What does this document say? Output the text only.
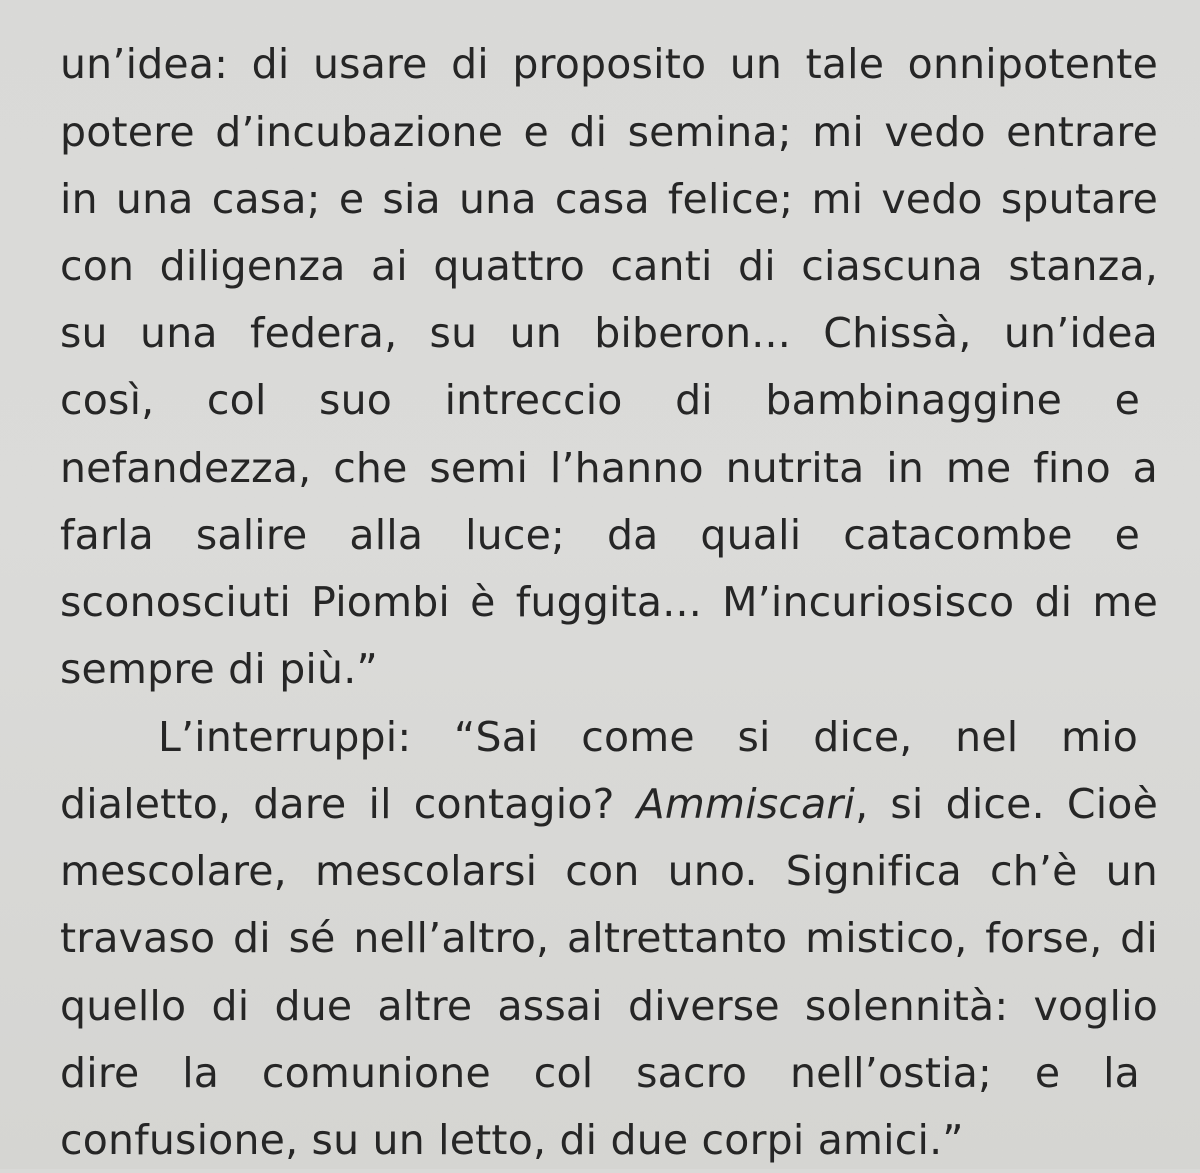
un’idea: di usare di proposito un tale onnipotente
potere d’incubazione e di semina; mi vedo entrare
in una casa; e sia una casa felice; mi vedo sputare
con diligenza ai quattro canti di ciascuna stanza,
su una federa, su un biberon... Chissà, un’idea
così, col suo intreccio di bambinaggine e
nefandezza, che semi l’hanno nutrita in me fino a
farla salire alla luce; da quali catacombe e
sconosciuti Piombi è fuggita... M’incuriosisco di me
sempre di più.”
L’interruppi: “Sai come si dice, nel mio
dialetto, dare il contagio? Ammiscari, si dice. Cioè
mescolare, mescolarsi con uno. Significa ch’è un
travaso di sé nell’altro, altrettanto mistico, forse, di
quello di due altre assai diverse solennità: voglio
dire la comunione col sacro nell’ostia; e la
confusione, su un letto, di due corpi amici.”
